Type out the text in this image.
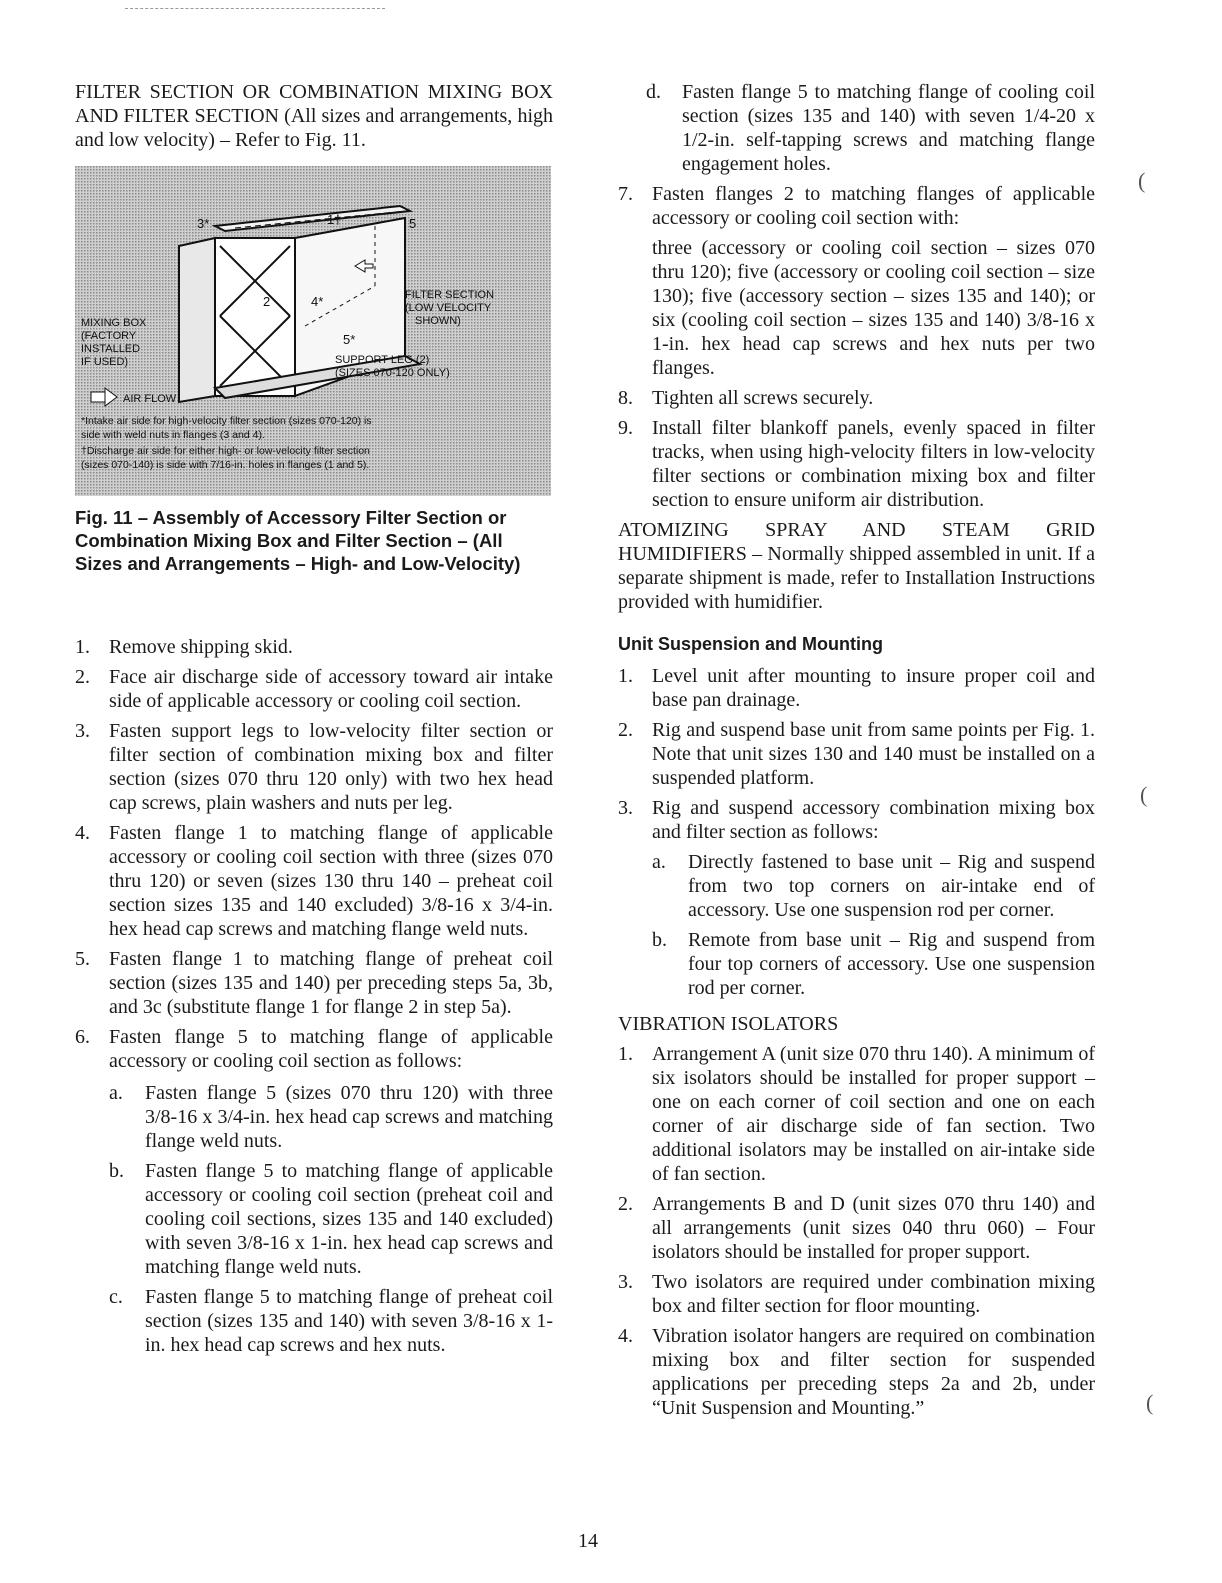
FILTER SECTION OR COMBINATION MIXING BOX AND FILTER SECTION (All sizes and arrangements, high and low velocity) – Refer to Fig. 11.

3*	1†	5
2	4*
5*
FILTER SECTION
(LOW VELOCITY
SHOWN)
MIXING BOX
(FACTORY
INSTALLED
IF USED)	SUPPORT LEG (2)
(SIZES 070-120 ONLY)
AIR FLOW
*Intake air side for high-velocity filter section (sizes 070-120) is
side with weld nuts in flanges (3 and 4).
†Discharge air side for either high- or low-velocity filter section
(sizes 070-140) is side with 7/16-in. holes in flanges (1 and 5).

Fig. 11 – Assembly of Accessory Filter Section or Combination Mixing Box and Filter Section – (All Sizes and Arrangements – High- and Low-Velocity)

1. Remove shipping skid.
2. Face air discharge side of accessory toward air intake side of applicable accessory or cooling coil section.
3. Fasten support legs to low-velocity filter section or filter section of combination mixing box and filter section (sizes 070 thru 120 only) with two hex head cap screws, plain washers and nuts per leg.
4. Fasten flange 1 to matching flange of applicable accessory or cooling coil section with three (sizes 070 thru 120) or seven (sizes 130 thru 140 – preheat coil section sizes 135 and 140 excluded) 3/8-16 x 3/4-in. hex head cap screws and matching flange weld nuts.
5. Fasten flange 1 to matching flange of preheat coil section (sizes 135 and 140) per preceding steps 5a, 3b, and 3c (substitute flange 1 for flange 2 in step 5a).
6. Fasten flange 5 to matching flange of applicable accessory or cooling coil section as follows:
a.	Fasten flange 5 (sizes 070 thru 120) with three 3/8-16 x 3/4-in. hex head cap screws and matching flange weld nuts.
b.	Fasten flange 5 to matching flange of applicable accessory or cooling coil section (preheat coil and cooling coil sections, sizes 135 and 140 excluded) with seven 3/8-16 x 1-in. hex head cap screws and matching flange weld nuts.
c.	Fasten flange 5 to matching flange of preheat coil section (sizes 135 and 140) with seven 3/8-16 x 1-in. hex head cap screws and hex nuts.
d.	Fasten flange 5 to matching flange of cooling coil section (sizes 135 and 140) with seven 1/4-20 x 1/2-in. self-tapping screws and matching flange engagement holes.
7. Fasten flanges 2 to matching flanges of applicable accessory or cooling coil section with:

three (accessory or cooling coil section – sizes 070 thru 120); five (accessory or cooling coil section – size 130); five (accessory section – sizes 135 and 140); or six (cooling coil section – sizes 135 and 140) 3/8-16 x 1-in. hex head cap screws and hex nuts per two flanges.

8. Tighten all screws securely.
9. Install filter blankoff panels, evenly spaced in filter tracks, when using high-velocity filters in low-velocity filter sections or combination mixing box and filter section to ensure uniform air distribution.

ATOMIZING SPRAY AND STEAM GRID HUMIDIFIERS – Normally shipped assembled in unit. If a separate shipment is made, refer to Installation Instructions provided with humidifier.

Unit Suspension and Mounting

1. Level unit after mounting to insure proper coil and base pan drainage.
2. Rig and suspend base unit from same points per Fig. 1. Note that unit sizes 130 and 140 must be installed on a suspended platform.
3. Rig and suspend accessory combination mixing box and filter section as follows:
a.	Directly fastened to base unit – Rig and suspend from two top corners on air-intake end of accessory. Use one suspension rod per corner.
b.	Remote from base unit – Rig and suspend from four top corners of accessory. Use one suspension rod per corner.

VIBRATION ISOLATORS

1. Arrangement A (unit size 070 thru 140). A minimum of six isolators should be installed for proper support – one on each corner of coil section and one on each corner of air discharge side of fan section. Two additional isolators may be installed on air-intake side of fan section.
2. Arrangements B and D (unit sizes 070 thru 140) and all arrangements (unit sizes 040 thru 060) – Four isolators should be installed for proper support.
3. Two isolators are required under combination mixing box and filter section for floor mounting.
4. Vibration isolator hangers are required on combination mixing box and filter section for suspended applications per preceding steps 2a and 2b, under “Unit Suspension and Mounting.”
(
(
(
14
